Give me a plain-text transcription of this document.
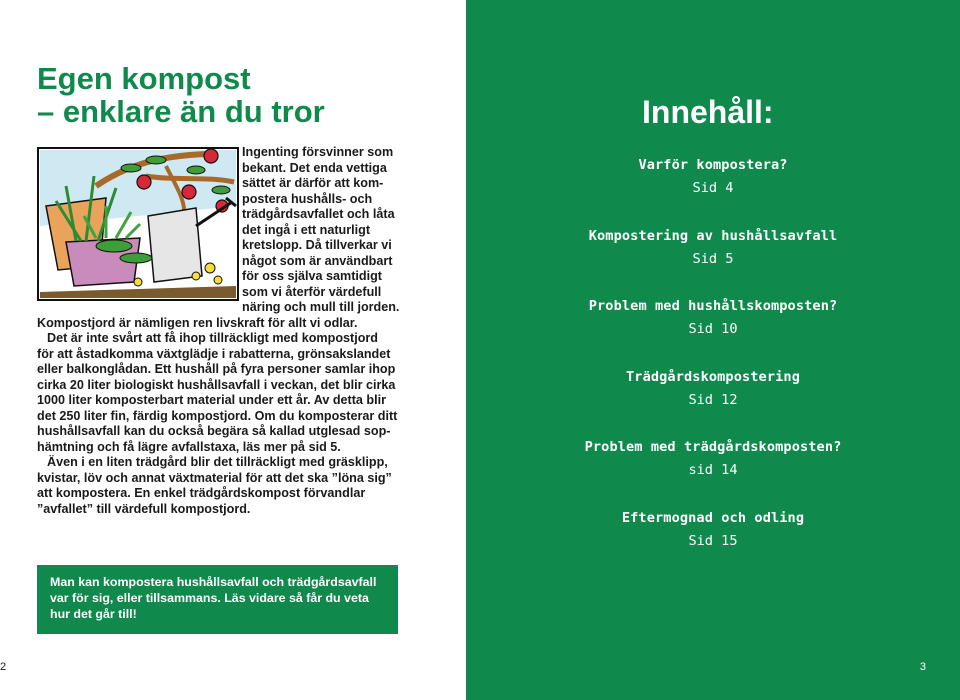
Egen kompost
– enklare än du tror
Ingenting försvinner som
bekant. Det enda vettiga
sättet är därför att kom-
postera hushålls- och
trädgårdsavfallet och låta
det ingå i ett naturligt
kretslopp. Då tillverkar vi
något som är användbart
för oss själva samtidigt
som vi återför värdefull
näring och mull till jorden.
Kompostjord är nämligen ren livskraft för allt vi odlar.
Det är inte svårt att få ihop tillräckligt med kompostjord
för att åstadkomma växtglädje i rabatterna, grönsakslandet
eller balkonglådan. Ett hushåll på fyra personer samlar ihop
cirka 20 liter biologiskt hushållsavfall i veckan, det blir cirka
1000 liter komposterbart material under ett år. Av detta blir
det 250 liter fin, färdig kompostjord. Om du komposterar ditt
hushållsavfall kan du också begära så kallad utglesad sop-
hämtning och få lägre avfallstaxa, läs mer på sid 5.
Även i en liten trädgård blir det tillräckligt med gräsklipp,
kvistar, löv och annat växtmaterial för att det ska ”löna sig”
att kompostera. En enkel trädgårdskompost förvandlar
”avfallet” till värdefull kompostjord.
Man kan kompostera hushållsavfall och trädgårdsavfall
var för sig, eller tillsammans. Läs vidare så får du veta
hur det går till!
2
Innehåll:
Varför kompostera?
Sid 4
Kompostering av hushållsavfall
Sid 5
Problem med hushållskomposten?
Sid 10
Trädgårdskompostering
Sid 12
Problem med trädgårdskomposten?
sid 14
Eftermognad och odling
Sid 15
3
